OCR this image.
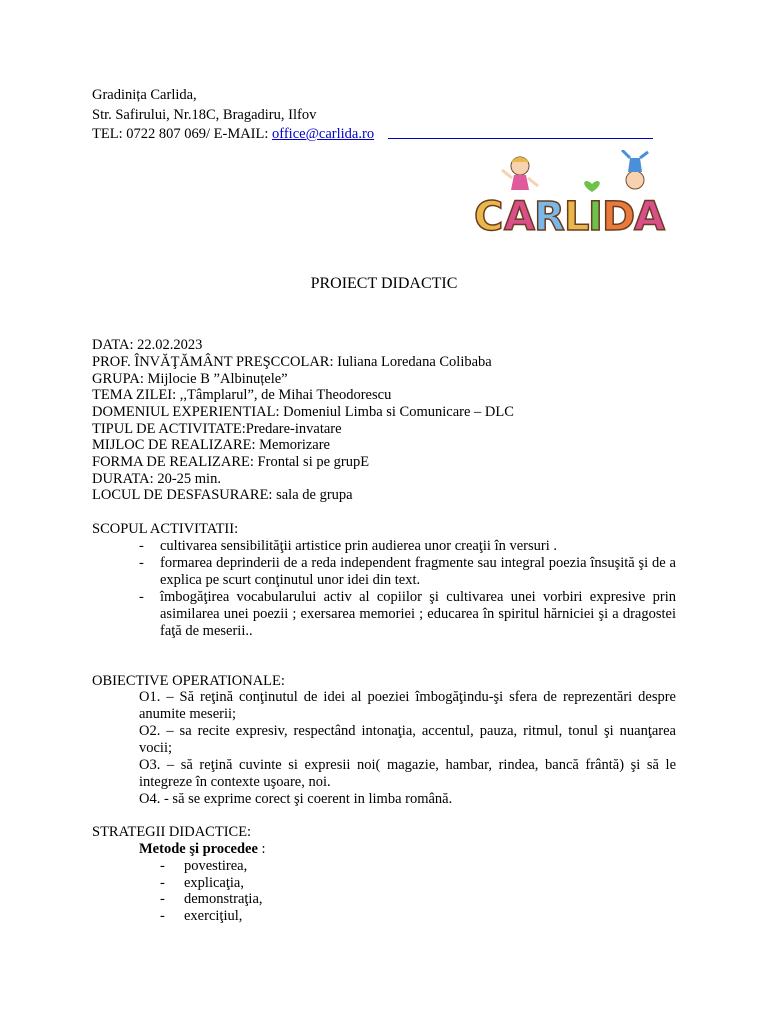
Gradinița Carlida,
Str. Safirului, Nr.18C, Bragadiru, Ilfov
TEL: 0722 807 069/ E-MAIL: office@carlida.ro
C A R L
I D
A
PROIECT DIDACTIC
DATA: 22.02.2023
PROF. ÎNVĂŢĂMÂNT PREŞCCOLAR: Iuliana Loredana Colibaba
GRUPA: Mijlocie B ”Albinuțele”
TEMA ZILEI: ,,Tâmplarul”, de Mihai Theodorescu
DOMENIUL EXPERIENTIAL: Domeniul Limba si Comunicare – DLC
TIPUL DE ACTIVITATE:Predare-invatare
MIJLOC DE REALIZARE: Memorizare
FORMA DE REALIZARE: Frontal si pe grupE
DURATA: 20-25 min.
LOCUL DE DESFASURARE: sala de grupa
SCOPUL ACTIVITATII:
- cultivarea sensibilităţii artistice prin audierea unor creaţii în versuri .
- formarea deprinderii de a reda independent fragmente sau integral poezia însuşită şi de a explica pe scurt conţinutul unor idei din text.
- îmbogăţirea vocabularului activ al copiilor şi cultivarea unei vorbiri expresive prin asimilarea unei poezii ; exersarea memoriei ; educarea în spiritul hărniciei şi a dragostei faţă de meserii..
OBIECTIVE OPERATIONALE:
O1. – Să reţină conţinutul de idei al poeziei îmbogăţindu-şi sfera de reprezentări despre anumite meserii;
O2. – sa recite expresiv, respectând intonaţia, accentul, pauza, ritmul, tonul şi nuanţarea vocii;
O3. – să reţină cuvinte si expresii noi( magazie, hambar, rindea, bancă frântă) şi să le integreze în contexte uşoare, noi.
O4. - să se exprime corect şi coerent in limba română.
STRATEGII DIDACTICE:
Metode şi procedee :
- povestirea,
- explicaţia,
- demonstraţia,
- exerciţiul,
